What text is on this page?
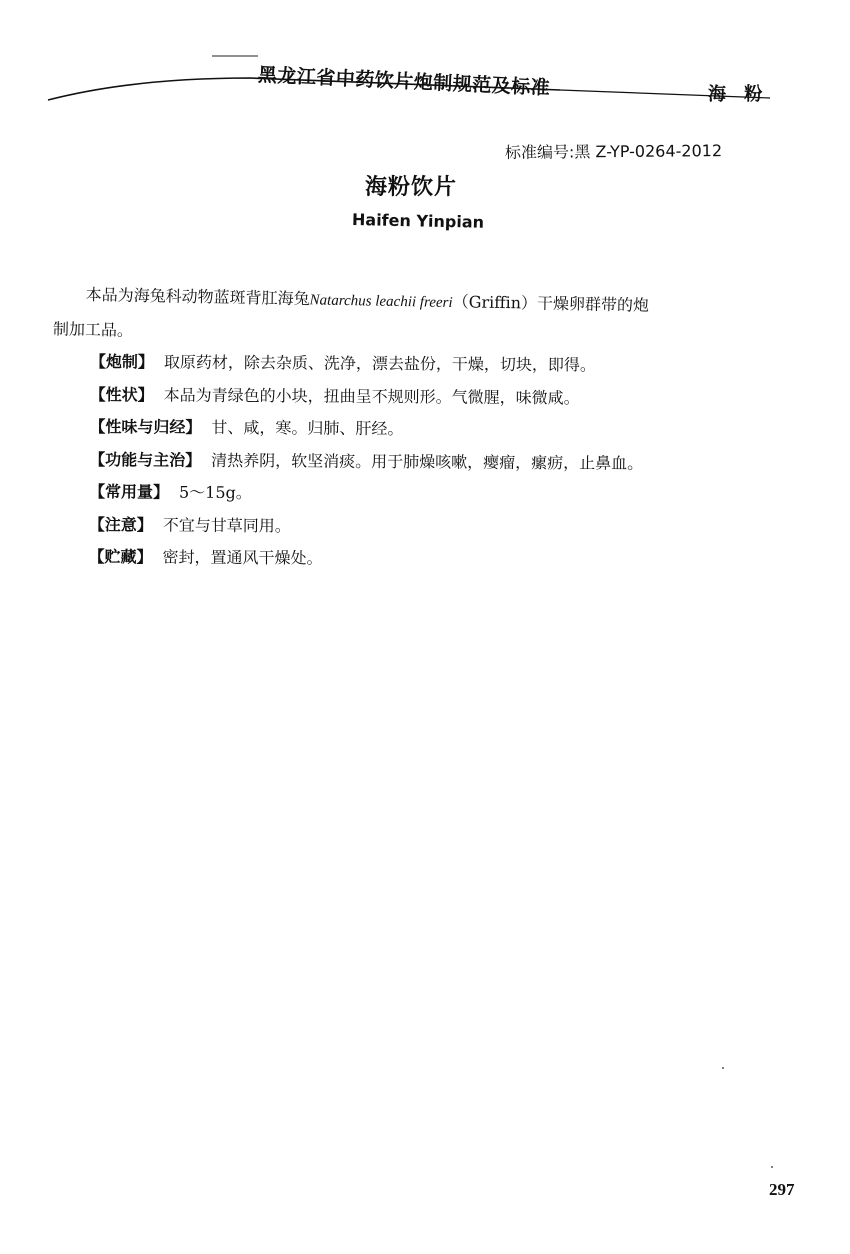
黑龙江省中药饮片炮制规范及标准	海 粉
标准编号:黑 Z-YP-0264-2012
海粉饮片
Haifen Yinpian
本品为海兔科动物蓝斑背肛海兔Natarchus leachii freeri（Griffin）干燥卵群带的炮
制加工品。
【炮制】 取原药材，除去杂质、洗净，漂去盐份，干燥，切块，即得。
【性状】 本品为青绿色的小块，扭曲呈不规则形。气微腥，味微咸。
【性味与归经】 甘、咸，寒。归肺、肝经。
【功能与主治】 清热养阴，软坚消痰。用于肺燥咳嗽，瘿瘤，瘰疬，止鼻血。
【常用量】 5～15g。
【注意】 不宜与甘草同用。
【贮藏】 密封，置通风干燥处。
297
